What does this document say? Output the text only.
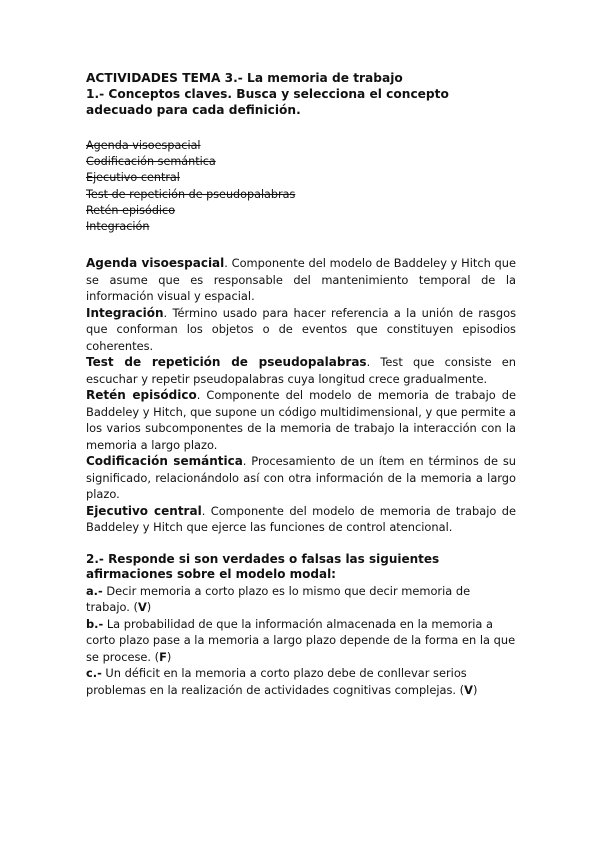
ACTIVIDADES TEMA 3.- La memoria de trabajo
1.- Conceptos claves. Busca y selecciona el concepto
adecuado para cada definición.
Agenda visoespacial
Codificación semántica
Ejecutivo central
Test de repetición de pseudopalabras
Retén episódico
Integración

Agenda visoespacial. Componente del modelo de Baddeley y Hitch que se asume que es responsable del mantenimiento temporal de la información visual y espacial.

Integración. Término usado para hacer referencia a la unión de rasgos que conforman los objetos o de eventos que constituyen episodios coherentes.

Test de repetición de pseudopalabras. Test que consiste en escuchar y repetir pseudopalabras cuya longitud crece gradualmente.

Retén episódico. Componente del modelo de memoria de trabajo de Baddeley y Hitch, que supone un código multidimensional, y que permite a los varios subcomponentes de la memoria de trabajo la interacción con la memoria a largo plazo.

Codificación semántica. Procesamiento de un ítem en términos de su significado, relacionándolo así con otra información de la memoria a largo plazo.

Ejecutivo central. Componente del modelo de memoria de trabajo de Baddeley y Hitch que ejerce las funciones de control atencional.

2.- Responde si son verdades o falsas las siguientes afirmaciones sobre el modelo modal:

a.- Decir memoria a corto plazo es lo mismo que decir memoria de trabajo. (V)

b.- La probabilidad de que la información almacenada en la memoria a corto plazo pase a la memoria a largo plazo depende de la forma en la que se procese. (F)

c.- Un déficit en la memoria a corto plazo debe de conllevar serios problemas en la realización de actividades cognitivas complejas. (V)
